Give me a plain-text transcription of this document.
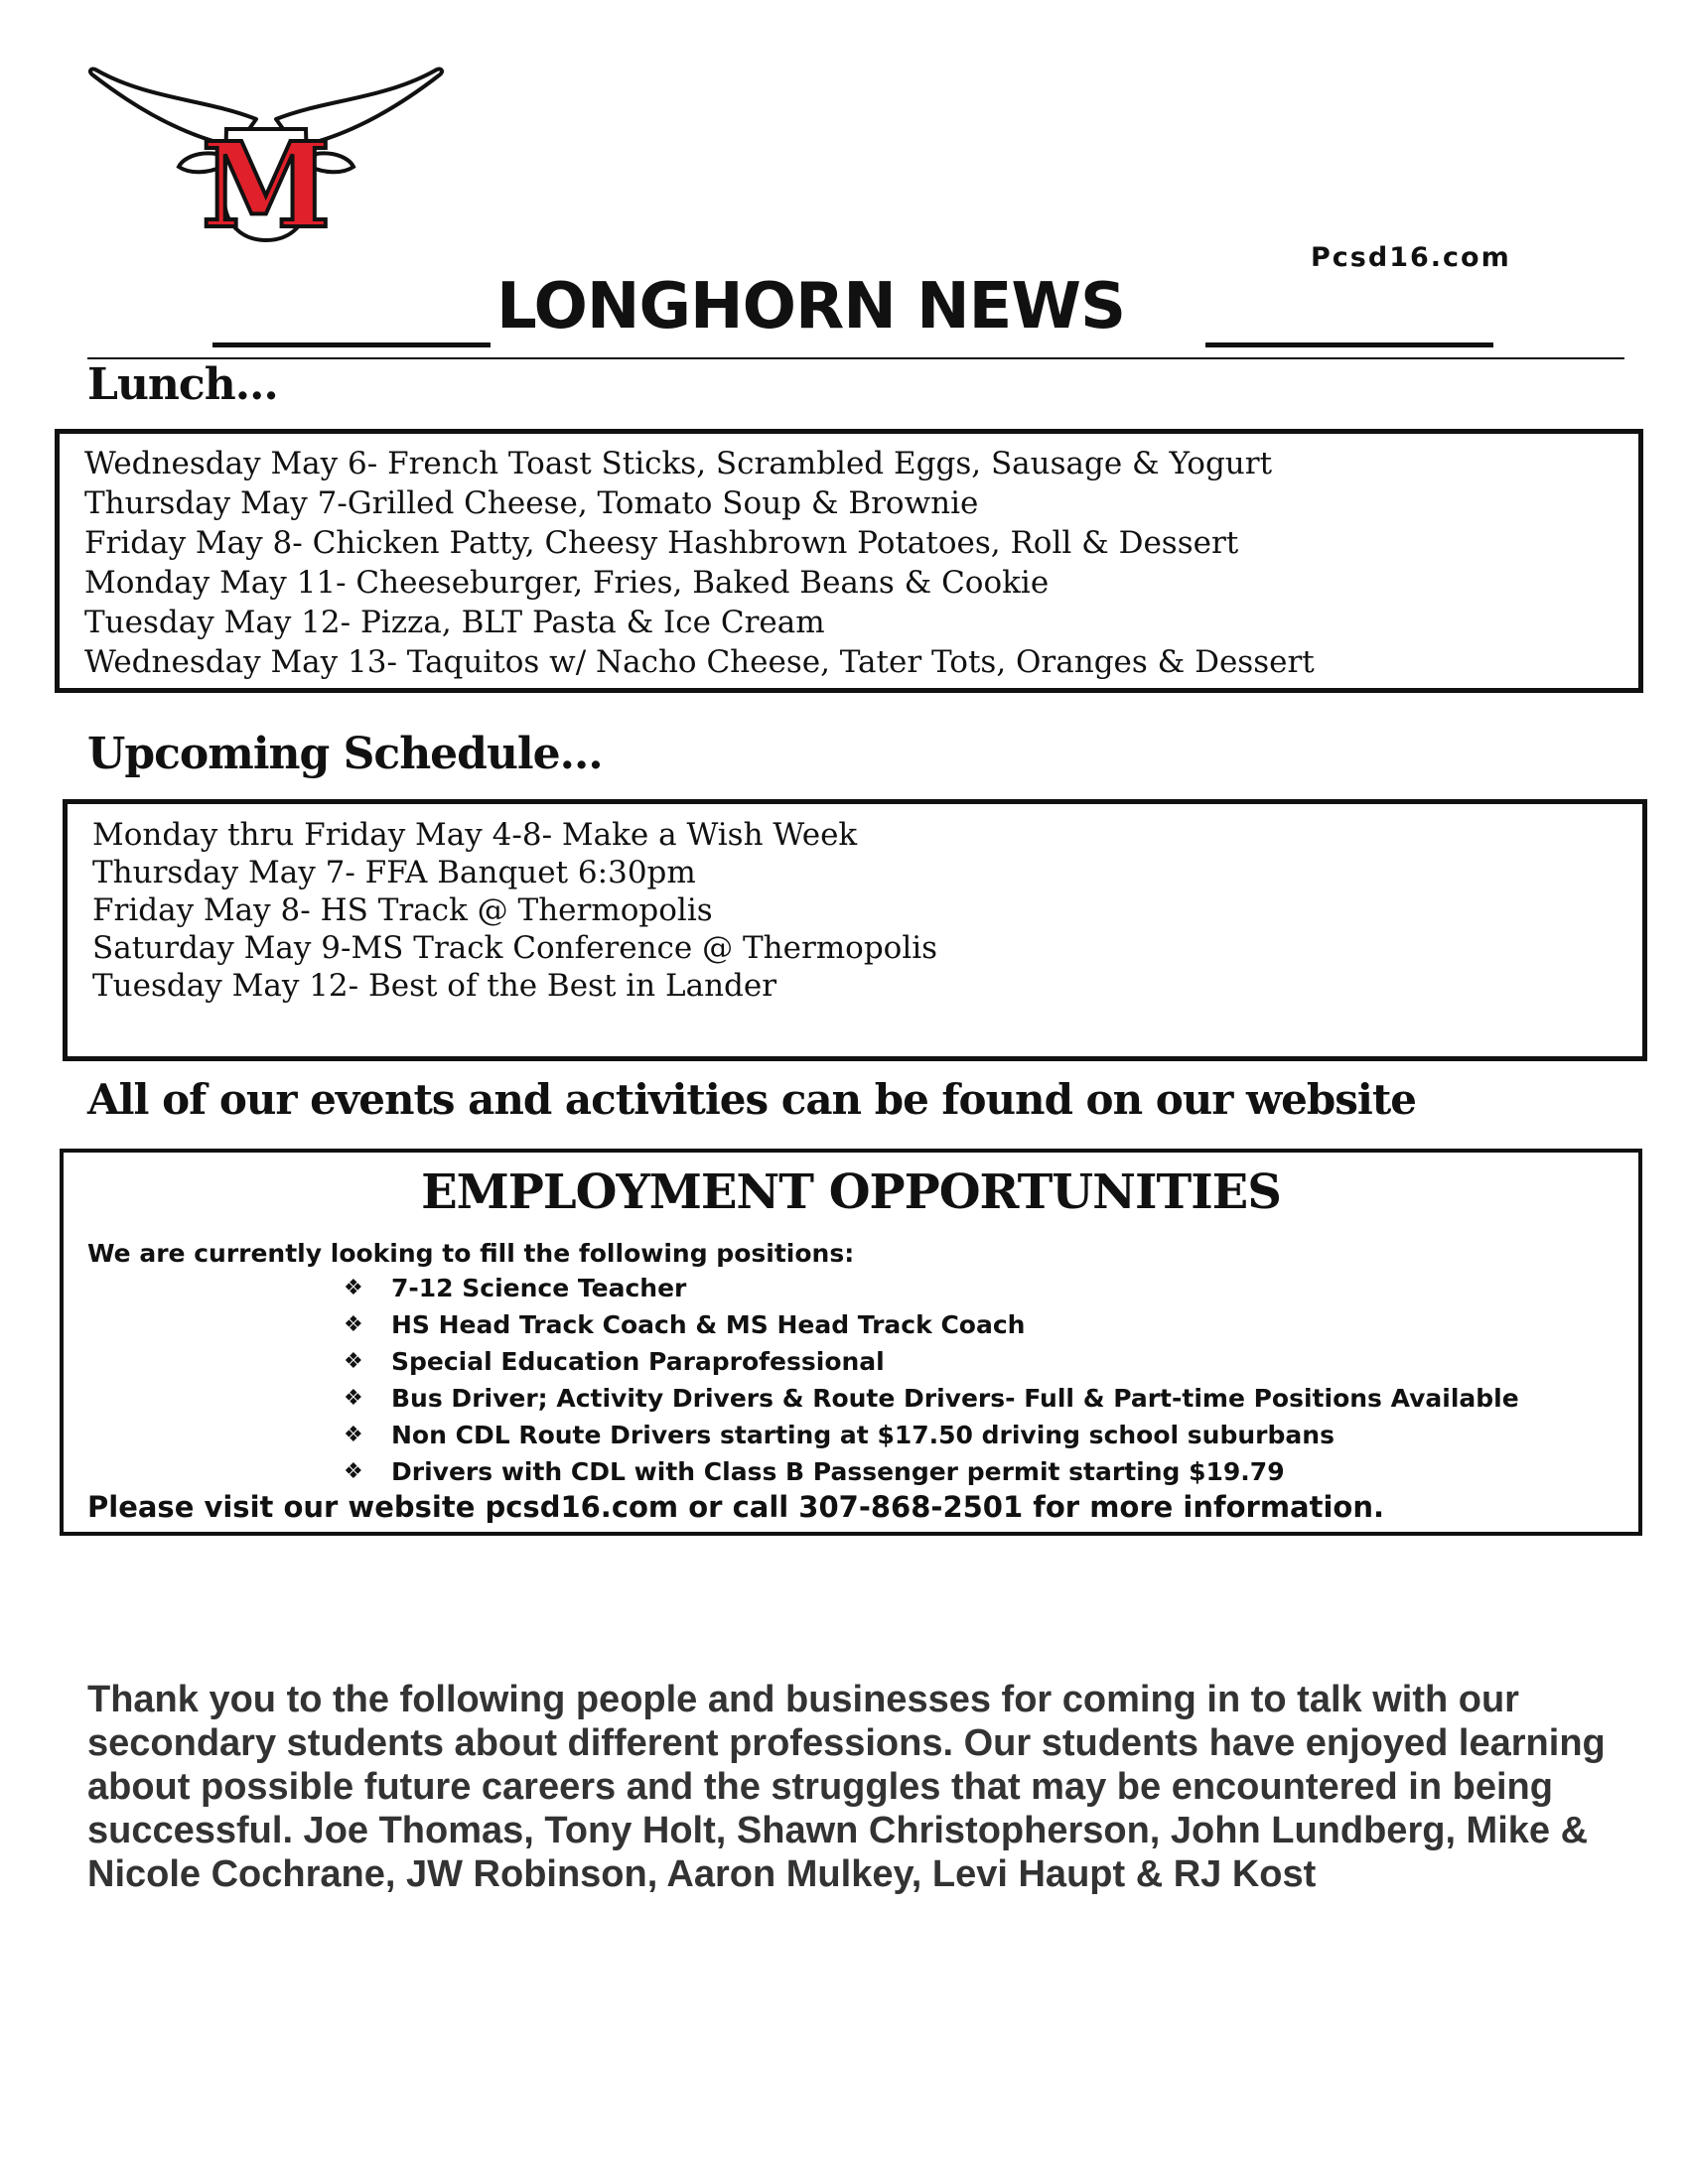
M
Pcsd16.com
LONGHORN NEWS
Lunch…
Wednesday May 6- French Toast Sticks, Scrambled Eggs, Sausage & Yogurt
Thursday May 7-Grilled Cheese, Tomato Soup & Brownie
Friday May 8- Chicken Patty, Cheesy Hashbrown Potatoes, Roll & Dessert
Monday May 11- Cheeseburger, Fries, Baked Beans & Cookie
Tuesday May 12- Pizza, BLT Pasta & Ice Cream
Wednesday May 13- Taquitos w/ Nacho Cheese, Tater Tots, Oranges & Dessert
Upcoming Schedule…
Monday thru Friday May 4-8- Make a Wish Week
Thursday May 7- FFA Banquet 6:30pm
Friday May 8- HS Track @ Thermopolis
Saturday May 9-MS Track Conference @ Thermopolis
Tuesday May 12- Best of the Best in Lander
All of our events and activities can be found on our website
EMPLOYMENT OPPORTUNITIES
We are currently looking to fill the following positions:
❖	7-12 Science Teacher
❖	HS Head Track Coach & MS Head Track Coach
❖	Special Education Paraprofessional
❖	Bus Driver; Activity Drivers & Route Drivers- Full & Part-time Positions Available
❖	Non CDL Route Drivers starting at $17.50 driving school suburbans
❖	Drivers with CDL with Class B Passenger permit starting $19.79
Please visit our website pcsd16.com or call 307-868-2501 for more information.
Thank you to the following people and businesses for coming in to talk with our secondary students about different professions. Our students have enjoyed learning about possible future careers and the struggles that may be encountered in being successful. Joe Thomas, Tony Holt, Shawn Christopherson, John Lundberg, Mike & Nicole Cochrane, JW Robinson, Aaron Mulkey, Levi Haupt & RJ Kost
